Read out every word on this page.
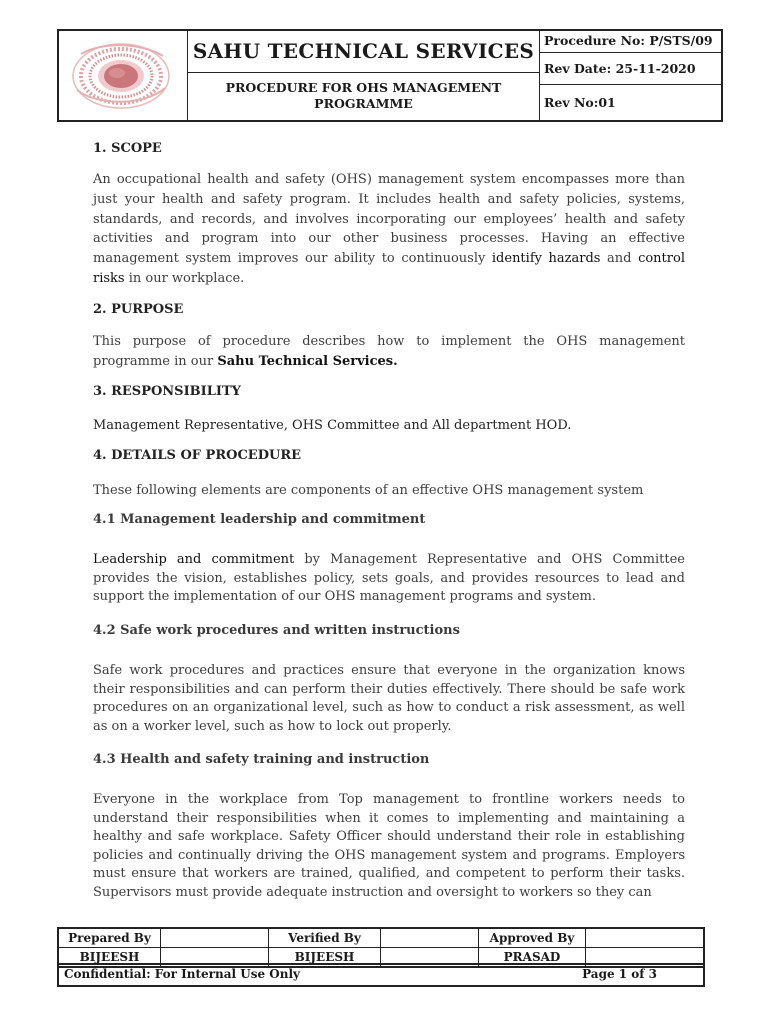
SAHU TECHNICAL SERVICES
PROCEDURE FOR OHS MANAGEMENT
PROGRAMME
Procedure No: P/STS/09
Rev Date: 25-11-2020
Rev No:01

1. SCOPE

An occupational health and safety (OHS) management system encompasses more than just your health and safety program. It includes health and safety policies, systems, standards, and records, and involves incorporating our employees’ health and safety activities and program into our other business processes. Having an effective management system improves our ability to continuously identify hazards and control risks in our workplace.

2. PURPOSE

This purpose of procedure describes how to implement the OHS management programme in our Sahu Technical Services.

3. RESPONSIBILITY

Management Representative, OHS Committee and All department HOD.

4. DETAILS OF PROCEDURE

These following elements are components of an effective OHS management system

4.1 Management leadership and commitment

Leadership and commitment by Management Representative and OHS Committee provides the vision, establishes policy, sets goals, and provides resources to lead and support the implementation of our OHS management programs and system.

4.2 Safe work procedures and written instructions

Safe work procedures and practices ensure that everyone in the organization knows their responsibilities and can perform their duties effectively. There should be safe work procedures on an organizational level, such as how to conduct a risk assessment, as well as on a worker level, such as how to lock out properly.

4.3 Health and safety training and instruction

Everyone in the workplace from Top management to frontline workers needs to understand their responsibilities when it comes to implementing and maintaining a healthy and safe workplace. Safety Officer should understand their role in establishing policies and continually driving the OHS management system and programs. Employers must ensure that workers are trained, qualified, and competent to perform their tasks. Supervisors must provide adequate instruction and oversight to workers so they can

Prepared By	Verified By	Approved By
BIJEESH	BIJEESH	PRASAD
Confidential: For Internal Use Only	Page 1 of 3
